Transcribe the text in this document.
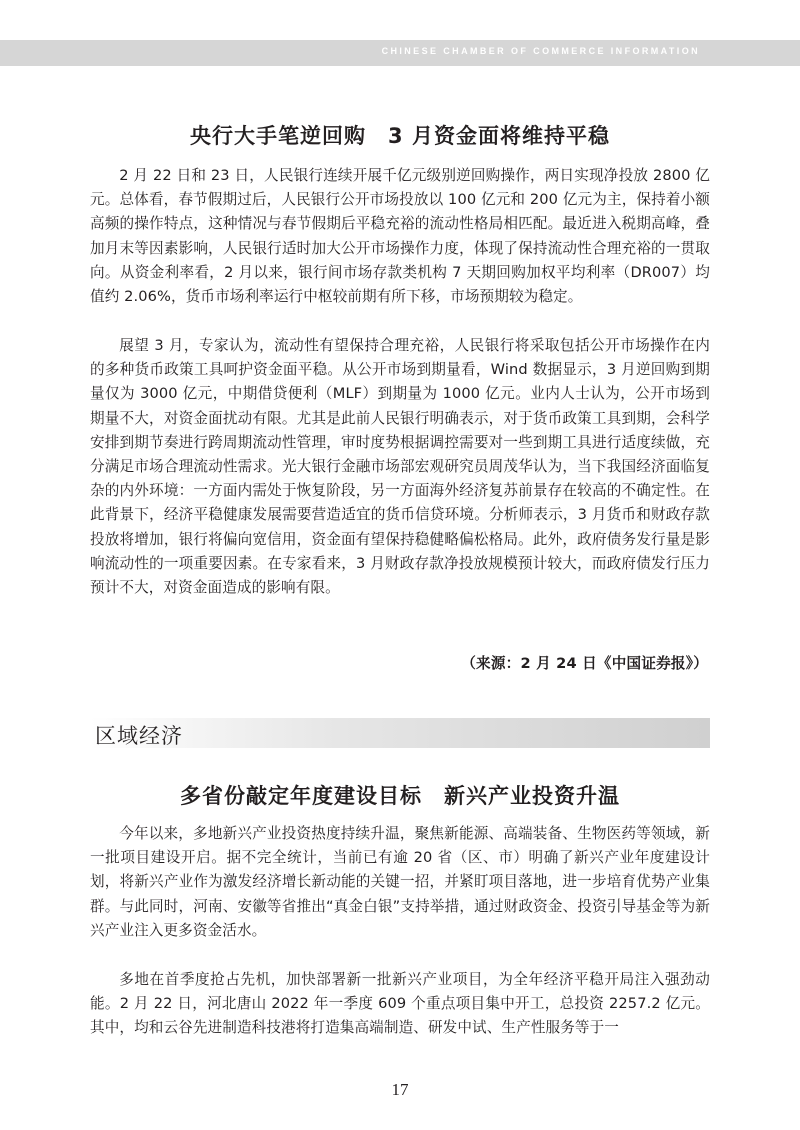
CHINESE CHAMBER OF COMMERCE INFORMATION
央行大手笔逆回购　3 月资金面将维持平稳

2 月 22 日和 23 日，人民银行连续开展千亿元级别逆回购操作，两日实现净投放 2800 亿元。总体看，春节假期过后，人民银行公开市场投放以 100 亿元和 200 亿元为主，保持着小额高频的操作特点，这种情况与春节假期后平稳充裕的流动性格局相匹配。最近进入税期高峰，叠加月末等因素影响，人民银行适时加大公开市场操作力度，体现了保持流动性合理充裕的一贯取向。从资金利率看，2 月以来，银行间市场存款类机构 7 天期回购加权平均利率（DR007）均值约 2.06%，货币市场利率运行中枢较前期有所下移，市场预期较为稳定。

展望 3 月，专家认为，流动性有望保持合理充裕，人民银行将采取包括公开市场操作在内的多种货币政策工具呵护资金面平稳。从公开市场到期量看，Wind 数据显示，3 月逆回购到期量仅为 3000 亿元，中期借贷便利（MLF）到期量为 1000 亿元。业内人士认为，公开市场到期量不大，对资金面扰动有限。尤其是此前人民银行明确表示，对于货币政策工具到期，会科学安排到期节奏进行跨周期流动性管理，审时度势根据调控需要对一些到期工具进行适度续做，充分满足市场合理流动性需求。光大银行金融市场部宏观研究员周茂华认为，当下我国经济面临复杂的内外环境：一方面内需处于恢复阶段，另一方面海外经济复苏前景存在较高的不确定性。在此背景下，经济平稳健康发展需要营造适宜的货币信贷环境。分析师表示，3 月货币和财政存款投放将增加，银行将偏向宽信用，资金面有望保持稳健略偏松格局。此外，政府债务发行量是影响流动性的一项重要因素。在专家看来，3 月财政存款净投放规模预计较大，而政府债发行压力预计不大，对资金面造成的影响有限。

（来源：2 月 24 日《中国证券报》）
区域经济
多省份敲定年度建设目标　新兴产业投资升温

今年以来，多地新兴产业投资热度持续升温，聚焦新能源、高端装备、生物医药等领域，新一批项目建设开启。据不完全统计，当前已有逾 20 省（区、市）明确了新兴产业年度建设计划，将新兴产业作为激发经济增长新动能的关键一招，并紧盯项目落地，进一步培育优势产业集群。与此同时，河南、安徽等省推出“真金白银”支持举措，通过财政资金、投资引导基金等为新兴产业注入更多资金活水。

多地在首季度抢占先机，加快部署新一批新兴产业项目，为全年经济平稳开局注入强劲动能。2 月 22 日，河北唐山 2022 年一季度 609 个重点项目集中开工，总投资 2257.2 亿元。其中，均和云谷先进制造科技港将打造集高端制造、研发中试、生产性服务等于一

17
